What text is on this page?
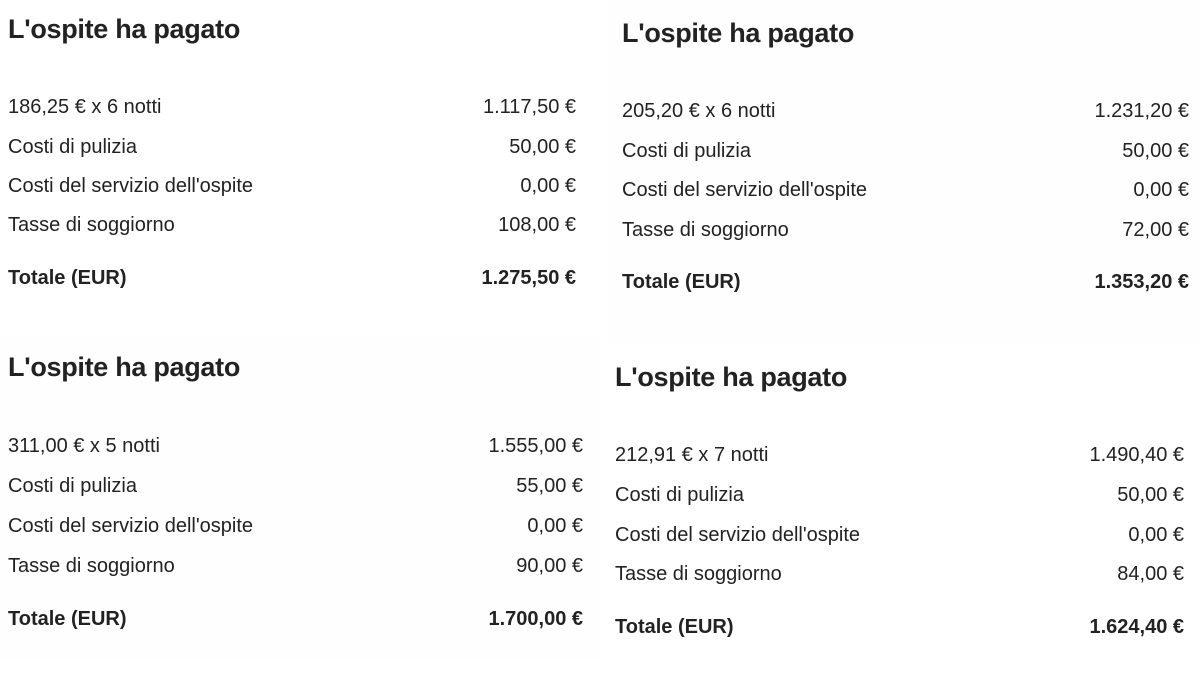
L'ospite ha pagato
186,25 € x 6 notti	1.117,50 €
Costi di pulizia	50,00 €
Costi del servizio dell'ospite	0,00 €
Tasse di soggiorno	108,00 €
Totale (EUR)	1.275,50 €
L'ospite ha pagato
205,20 € x 6 notti	1.231,20 €
Costi di pulizia	50,00 €
Costi del servizio dell'ospite	0,00 €
Tasse di soggiorno	72,00 €
Totale (EUR)	1.353,20 €
L'ospite ha pagato
311,00 € x 5 notti	1.555,00 €
Costi di pulizia	55,00 €
Costi del servizio dell'ospite	0,00 €
Tasse di soggiorno	90,00 €
Totale (EUR)	1.700,00 €
L'ospite ha pagato
212,91 € x 7 notti	1.490,40 €
Costi di pulizia	50,00 €
Costi del servizio dell'ospite	0,00 €
Tasse di soggiorno	84,00 €
Totale (EUR)	1.624,40 €
